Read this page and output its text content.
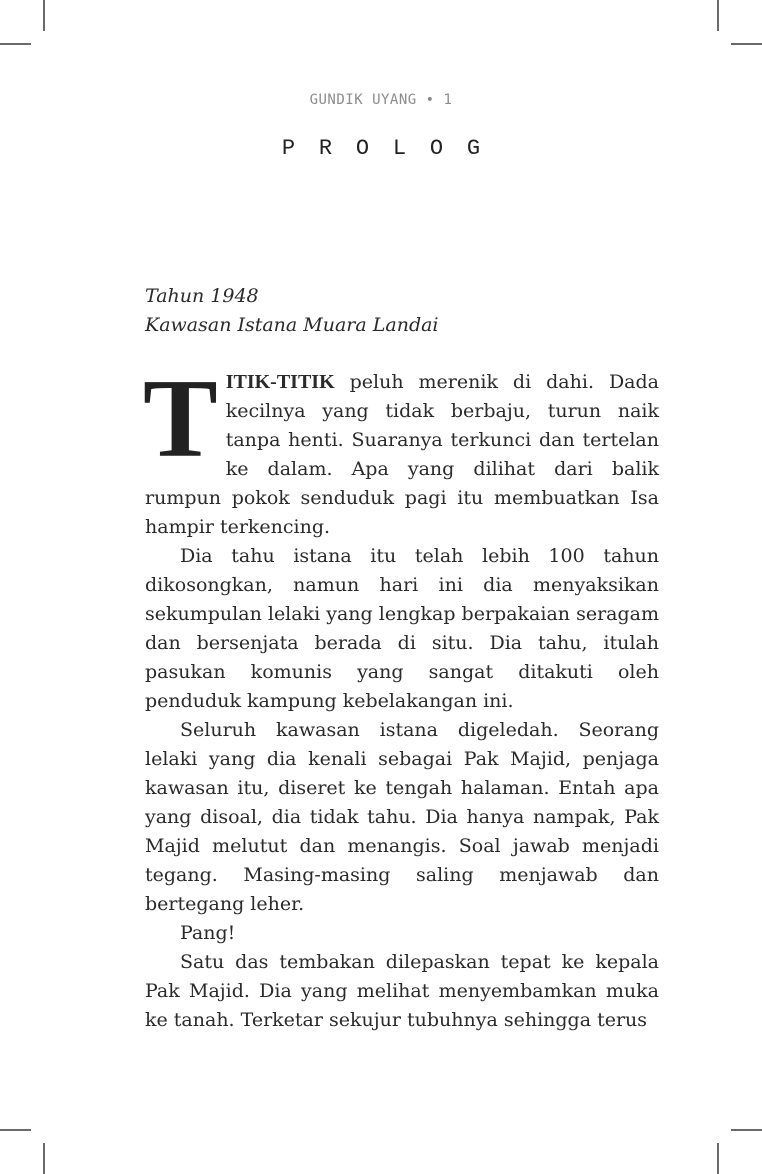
GUNDIK UYANG • 1
P R O L O G
Tahun 1948
Kawasan Istana Muara Landai

TITIK-TITIK peluh merenik di dahi. Dada kecilnya yang tidak berbaju, turun naik tanpa henti. Suaranya terkunci dan tertelan ke dalam. Apa yang dilihat dari balik rumpun pokok senduduk pagi itu membuatkan Isa hampir terkencing.

Dia tahu istana itu telah lebih 100 tahun dikosongkan, namun hari ini dia menyaksikan sekumpulan lelaki yang lengkap berpakaian seragam dan bersenjata berada di situ. Dia tahu, itulah pasukan komunis yang sangat ditakuti oleh penduduk kampung kebelakangan ini.

Seluruh kawasan istana digeledah. Seorang lelaki yang dia kenali sebagai Pak Majid, penjaga kawasan itu, diseret ke tengah halaman. Entah apa yang disoal, dia tidak tahu. Dia hanya nampak, Pak Majid melutut dan menangis. Soal jawab menjadi tegang. Masing-masing saling menjawab dan bertegang leher.

Pang!

Satu das tembakan dilepaskan tepat ke kepala Pak Majid. Dia yang melihat menyembamkan muka ke tanah. Terketar sekujur tubuhnya sehingga terus
